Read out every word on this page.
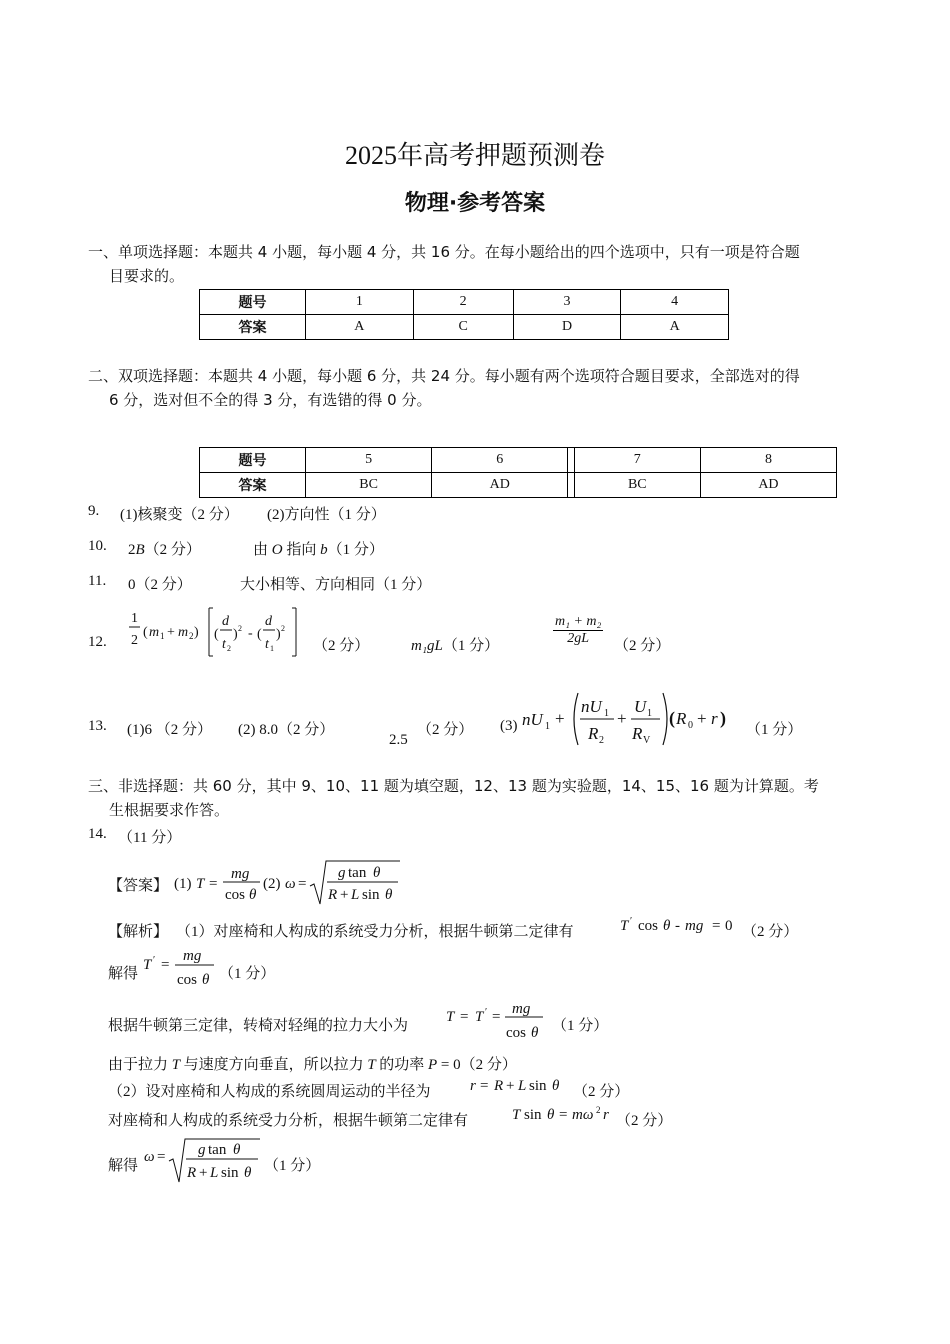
2025年高考押题预测卷
物理·参考答案
一、单项选择题：本题共 4 小题，每小题 4 分，共 16 分。在每小题给出的四个选项中，只有一项是符合题
目要求的。
题号	1	2	3	4
答案	A	C	D	A
二、双项选择题：本题共 4 小题，每小题 6 分，共 24 分。每小题有两个选项符合题目要求，全部选对的得
6 分，选对但不全的得 3 分，有选错的得 0 分。
题号	5	6		7	8
答案	BC	AD		BC	AD
9. (1)核聚变（2 分） (2)方向性（1 分）
10. 2B（2 分）	由 O 指向 b（1 分）
11. 0（2 分）	大小相等、方向相同（1 分）
12.
1
2
( m 1 + m 2 ) (
d
t 2
) 2 - (
d
t 1
) 2
（2 分）	m₁gL（1 分）	$\frac{\text{m₁ + m₂}}{2gL} (2$ 分）
13. (1)6 （2 分） (2) 8.0（2 分）
2.5
（2 分） (3) nU 1 +
nU 1
R 2
+
U 1
R V
( R 0 + r )
（1 分）
三、非选择题：共 60 分，其中 9、10、11 题为填空题，12、13 题为实验题，14、15、16 题为计算题。考
生根据要求作答。
14. （11 分）
【答案】 (1) T =
mg
cos θ
(2) ω =
g tan θ
R + L sin θ
【解析】 （1）对座椅和人构成的系统受力分析，根据牛顿第二定律有	T ′ cos θ - mg = 0 （2 分）
解得
T ′ =
mg
cos θ （1 分）
根据牛顿第三定律，转椅对轻绳的拉力大小为
T = T ′ = mg
cos θ （1 分）
由于拉力 T 与速度方向垂直，所以拉力 T 的功率 P = 0（2 分）
（2）设对座椅和人构成的系统圆周运动的半径为	r = R + L sin θ （2 分）
对座椅和人构成的系统受力分析，根据牛顿第二定律有	T sin θ = mω 2 r （2 分）
解得
ω = g tan θ
R + L sin θ （1 分）
